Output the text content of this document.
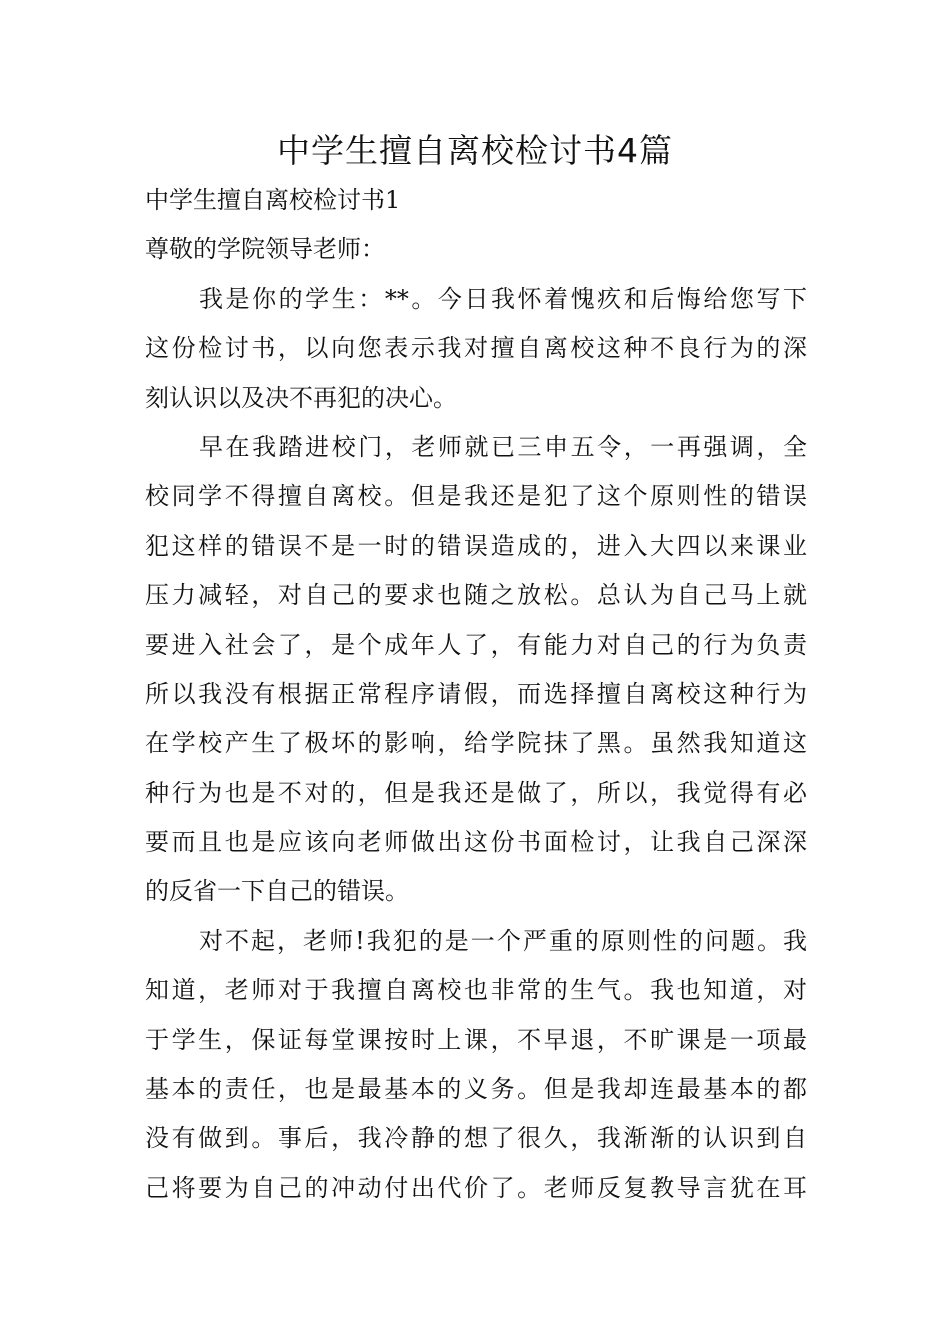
中学生擅自离校检讨书4篇
中学生擅自离校检讨书1
尊敬的学院领导老师：
我是你的学生：**。今日我怀着愧疚和后悔给您写下
这份检讨书，以向您表示我对擅自离校这种不良行为的深
刻认识以及决不再犯的决心。
早在我踏进校门，老师就已三申五令，一再强调，全
校同学不得擅自离校。但是我还是犯了这个原则性的错误
犯这样的错误不是一时的错误造成的，进入大四以来课业
压力减轻，对自己的要求也随之放松。总认为自己马上就
要进入社会了，是个成年人了，有能力对自己的行为负责
所以我没有根据正常程序请假，而选择擅自离校这种行为
在学校产生了极坏的影响，给学院抹了黑。虽然我知道这
种行为也是不对的，但是我还是做了，所以，我觉得有必
要而且也是应该向老师做出这份书面检讨，让我自己深深
的反省一下自己的错误。
对不起，老师!我犯的是一个严重的原则性的问题。我
知道，老师对于我擅自离校也非常的生气。我也知道，对
于学生，保证每堂课按时上课，不早退，不旷课是一项最
基本的责任，也是最基本的义务。但是我却连最基本的都
没有做到。事后，我冷静的想了很久，我渐渐的认识到自
己将要为自己的冲动付出代价了。老师反复教导言犹在耳
